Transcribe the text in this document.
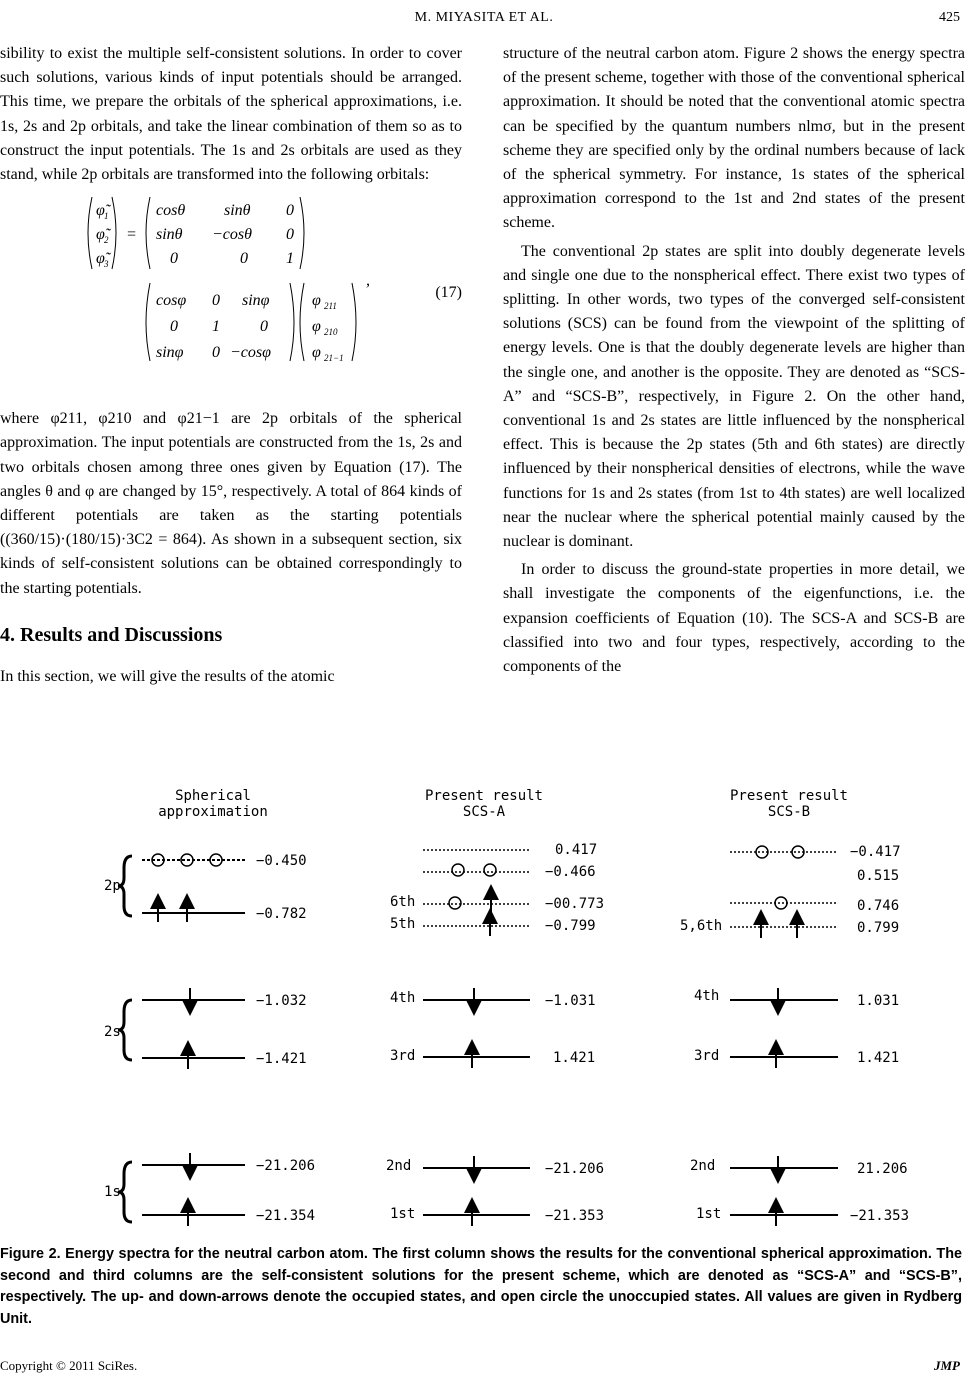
M. MIYASITA ET AL.	425

sibility to exist the multiple self-consistent solutions. In order to cover such solutions, various kinds of input potentials should be arranged. This time, we prepare the orbitals of the spherical approximations, i.e. 1s, 2s and 2p orbitals, and take the linear combination of them so as to construct the input potentials. The 1s and 2s orbitals are used as they stand, while 2p orbitals are transformed into the following orbitals:

φ̃ 1
φ̃ 2
φ̃ 3
=
cosθ sinθ 0
sinθ −cosθ 0
0	0 1
cosφ 0 sinφ
0 1	0
sinφ 0 −cosφ
φ 211
φ 210
φ 21−1
,
(17)

where φ211, φ210 and φ21−1 are 2p orbitals of the spherical approximation. The input potentials are constructed from the 1s, 2s and two orbitals chosen among three ones given by Equation (17). The angles θ and φ are changed by 15°, respectively. A total of 864 kinds of different potentials are taken as the starting potentials ((360/15)·(180/15)·3C2 = 864). As shown in a subsequent section, six kinds of self-consistent solutions can be obtained correspondingly to the starting potentials.

4. Results and Discussions

In this section, we will give the results of the atomic

structure of the neutral carbon atom. Figure 2 shows the energy spectra of the present scheme, together with those of the conventional spherical approximation. It should be noted that the conventional atomic spectra can be specified by the quantum numbers nlmσ, but in the present scheme they are specified only by the ordinal numbers because of lack of the spherical symmetry. For instance, 1s states of the spherical approximation correspond to the 1st and 2nd states of the present scheme.

The conventional 2p states are split into doubly degenerate levels and single one due to the nonspherical effect. There exist two types of splitting. In other words, two types of the converged self-consistent solutions (SCS) can be found from the viewpoint of the splitting of energy levels. One is that the doubly degenerate levels are higher than the single one, and another is the opposite. They are denoted as “SCS-A” and “SCS-B”, respectively, in Figure 2. On the other hand, conventional 1s and 2s states are little influenced by the nonspherical effect. This is because the 2p states (5th and 6th states) are directly influenced by their nonspherical densities of electrons, while the wave functions for 1s and 2s states (from 1st to 4th states) are well localized near the nuclear where the spherical potential mainly caused by the nuclear is dominant.

In order to discuss the ground-state properties in more detail, we shall investigate the components of the eigenfunctions, i.e. the expansion coefficients of Equation (10). The SCS-A and SCS-B are classified into two and four types, respectively, according to the components of the

Spherical
approximation
Present result
SCS-A
Present result
SCS-B
2p
2s
1s
−0.450
−0.782
−1.032
−1.421
−21.206
−21.354
6th
5th
4th
3rd
2nd
1st
0.417
−0.466
−00.773
−0.799
−1.031
1.421
−21.206
−21.353
5,6th
4th
3rd
2nd
1st
−0.417
0.515
0.746
0.799
1.031
1.421
21.206
−21.353
Figure 2. Energy spectra for the neutral carbon atom. The first column shows the results for the conventional spherical approximation. The second and third columns are the self-consistent solutions for the present scheme, which are denoted as “SCS-A” and “SCS-B”, respectively. The up- and down-arrows denote the occupied states, and open circle the unoccupied states. All values are given in Rydberg Unit.
Copyright © 2011 SciRes.	JMP
